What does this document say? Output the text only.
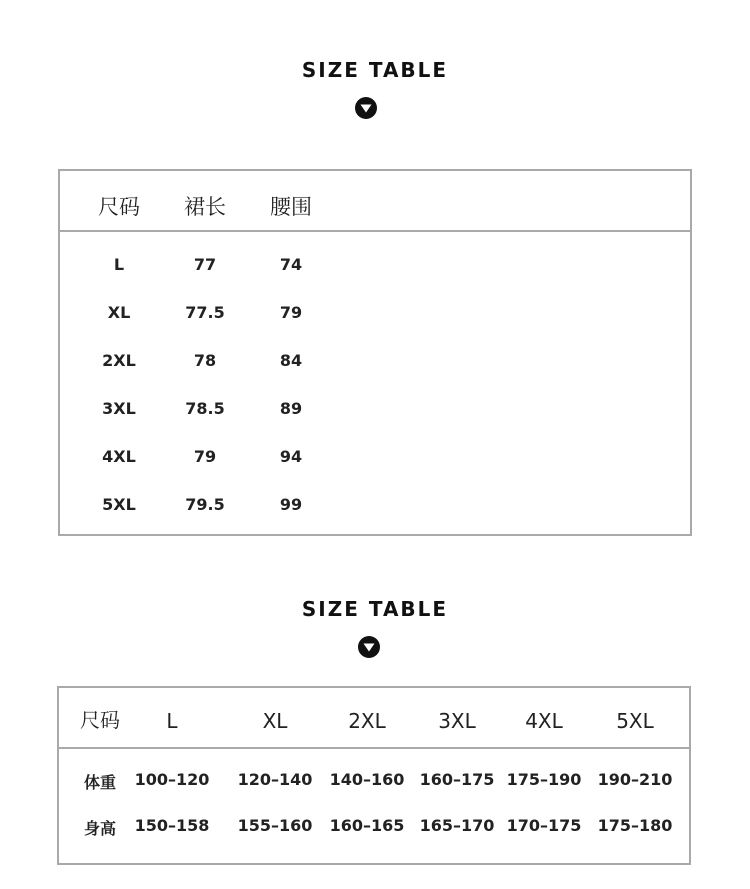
SIZE TABLE
尺码 裙长 腰围
L	77	74
XL	77.5	79
2XL	78	84
3XL	78.5	89
4XL	79	94
5XL	79.5	99
SIZE TABLE
尺码 L	XL	2XL	3XL 4XL	5XL
体重 100–120 120–140 140–160 160–175 175–190 190–210
身高 150–158 155–160 160–165 165–170 170–175 175–180
